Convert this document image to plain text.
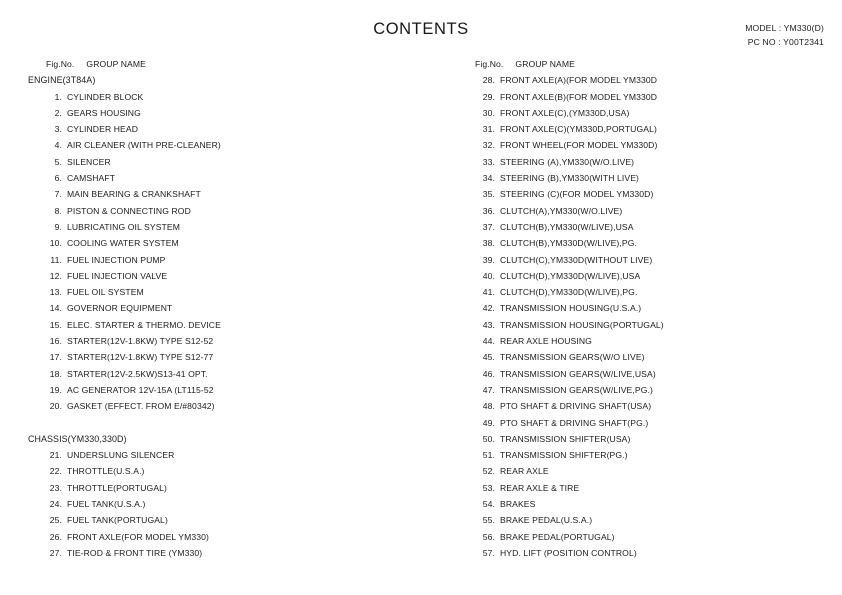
CONTENTS	MODEL : YM330(D)
PC NO : Y00T2341
Fig.No. GROUP NAME
ENGINE(3T84A)
1. CYLINDER BLOCK
2. GEARS HOUSING
3. CYLINDER HEAD
4. AIR CLEANER (WITH PRE-CLEANER)
5. SILENCER
6. CAMSHAFT
7. MAIN BEARING & CRANKSHAFT
8. PISTON & CONNECTING ROD
9. LUBRICATING OIL SYSTEM
10. COOLING WATER SYSTEM
11. FUEL INJECTION PUMP
12. FUEL INJECTION VALVE
13. FUEL OIL SYSTEM
14. GOVERNOR EQUIPMENT
15. ELEC. STARTER & THERMO. DEVICE
16. STARTER(12V-1.8KW) TYPE S12-52
17. STARTER(12V-1.8KW) TYPE S12-77
18. STARTER(12V-2.5KW)S13-41 OPT.
19. AC GENERATOR 12V-15A (LT115-52
20. GASKET (EFFECT. FROM E/#80342)

CHASSIS(YM330,330D)
21. UNDERSLUNG SILENCER
22. THROTTLE(U.S.A.)
23. THROTTLE(PORTUGAL)
24. FUEL TANK(U.S.A.)
25. FUEL TANK(PORTUGAL)
26. FRONT AXLE(FOR MODEL YM330)
27. TIE-ROD & FRONT TIRE (YM330)
Fig.No. GROUP NAME
28. FRONT AXLE(A)(FOR MODEL YM330D
29. FRONT AXLE(B)(FOR MODEL YM330D
30. FRONT AXLE(C),(YM330D,USA)
31. FRONT AXLE(C)(YM330D,PORTUGAL)
32. FRONT WHEEL(FOR MODEL YM330D)
33. STEERING (A),YM330(W/O.LIVE)
34. STEERING (B),YM330(WITH LIVE)
35. STEERING (C)(FOR MODEL YM330D)
36. CLUTCH(A),YM330(W/O.LIVE)
37. CLUTCH(B),YM330(W/LIVE),USA
38. CLUTCH(B),YM330D(W/LIVE),PG.
39. CLUTCH(C),YM330D(WITHOUT LIVE)
40. CLUTCH(D),YM330D(W/LIVE),USA
41. CLUTCH(D),YM330D(W/LIVE),PG.
42. TRANSMISSION HOUSING(U.S.A.)
43. TRANSMISSION HOUSING(PORTUGAL)
44. REAR AXLE HOUSING
45. TRANSMISSION GEARS(W/O LIVE)
46. TRANSMISSION GEARS(W/LIVE,USA)
47. TRANSMISSION GEARS(W/LIVE,PG.)
48. PTO SHAFT & DRIVING SHAFT(USA)
49. PTO SHAFT & DRIVING SHAFT(PG.)
50. TRANSMISSION SHIFTER(USA)
51. TRANSMISSION SHIFTER(PG.)
52. REAR AXLE
53. REAR AXLE & TIRE
54. BRAKES
55. BRAKE PEDAL(U.S.A.)
56. BRAKE PEDAL(PORTUGAL)
57. HYD. LIFT (POSITION CONTROL)
